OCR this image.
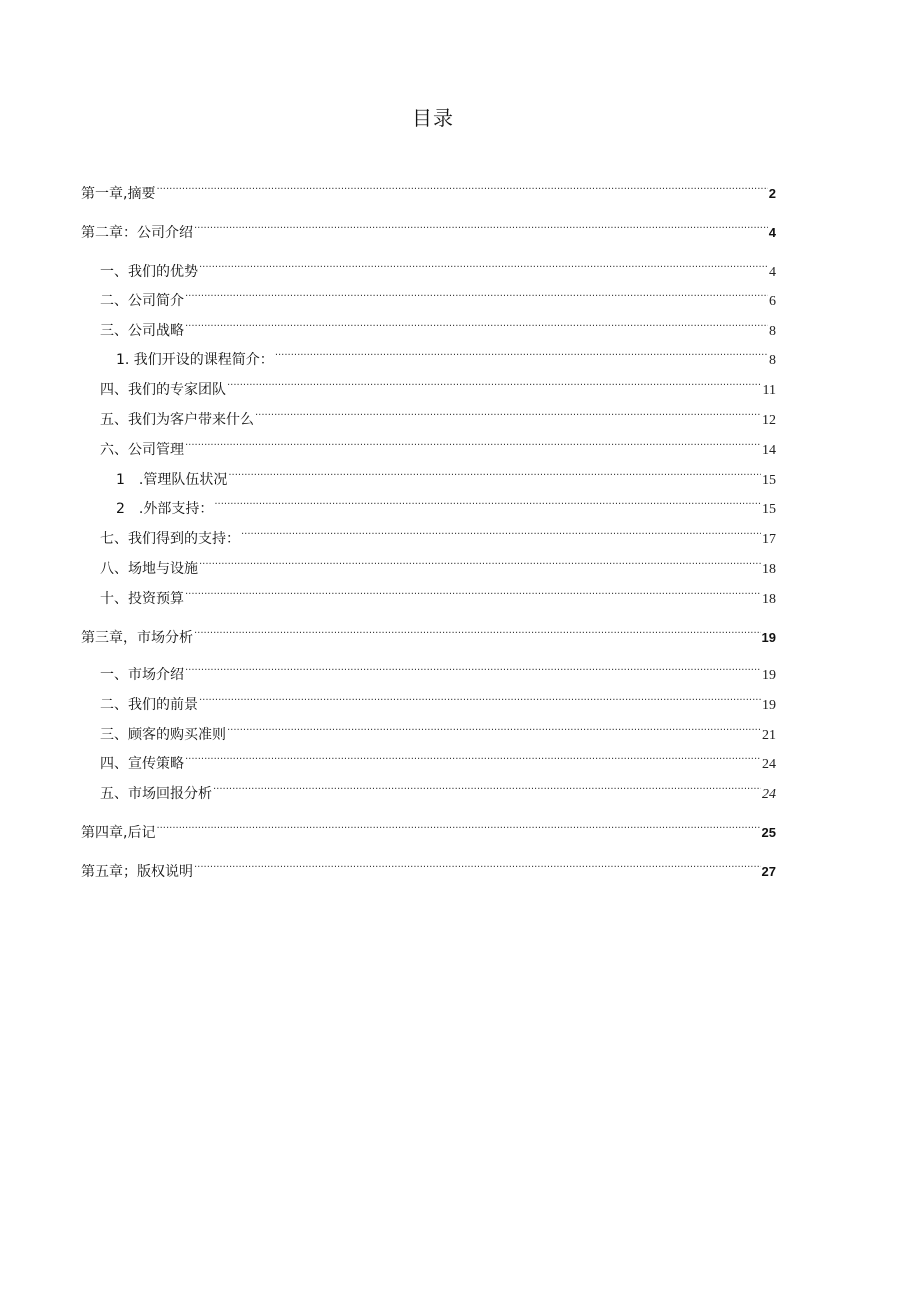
目录
第一章,摘要 .....	2
第二章：公司介绍 .....	4
一、我们的优势 .....	4
二、公司简介 .....	6
三、公司战略 .....	8
1. 我们开设的课程简介： .....	8
四、我们的专家团队 .....	11
五、我们为客户带来什么 .....	12
六、公司管理 .....	14
1　.管理队伍状况 .....	15
2　.外部支持： .....	15
七、我们得到的支持： .....	17
八、场地与设施 .....	18
十、投资预算 .....	18
第三章，市场分析 .....	19
一、市场介绍 .....	19
二、我们的前景 .....	19
三、顾客的购买准则 .....	21
四、宣传策略 .....	24
五、市场回报分析 .....	24
第四章,后记 .....	25
第五章；版权说明 .....	27
